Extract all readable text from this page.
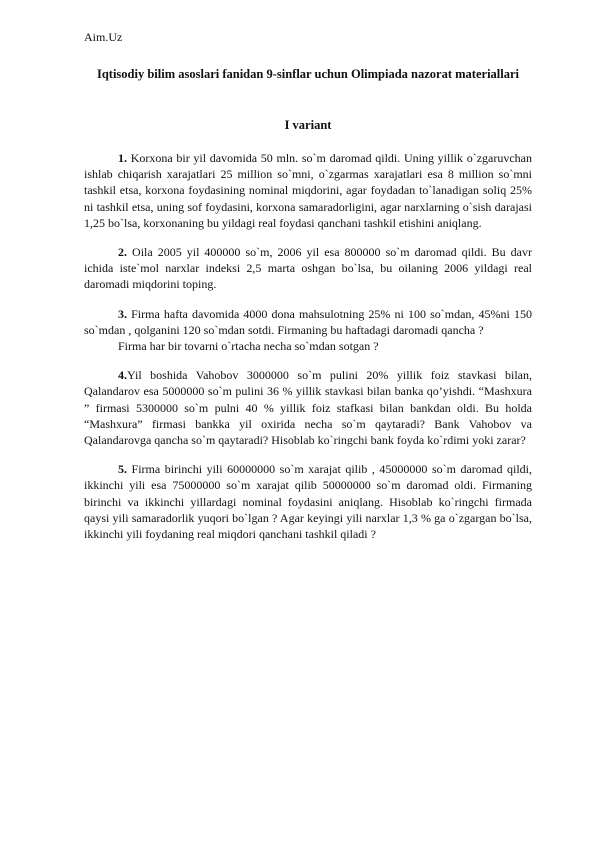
Aim.Uz
Iqtisodiy bilim asoslari fanidan 9-sinflar uchun Olimpiada nazorat materiallari
I variant

1. Korxona bir yil davomida 50 mln. so`m daromad qildi. Uning yillik o`zgaruvchan ishlab chiqarish xarajatlari 25 million so`mni, o`zgarmas xarajatlari esa 8 million so`mni tashkil etsa, korxona foydasining nominal miqdorini, agar foydadan to`lanadigan soliq 25% ni tashkil etsa, uning sof foydasini, korxona samaradorligini, agar narxlarning o`sish darajasi 1,25 bo`lsa, korxonaning bu yildagi real foydasi qanchani tashkil etishini aniqlang.

2. Oila 2005 yil 400000 so`m, 2006 yil esa 800000 so`m daromad qildi. Bu davr ichida iste`mol narxlar indeksi 2,5 marta oshgan bo`lsa, bu oilaning 2006 yildagi real daromadi miqdorini toping.

3. Firma hafta davomida 4000 dona mahsulotning 25% ni 100 so`mdan, 45%ni 150 so`mdan , qolganini 120 so`mdan sotdi. Firmaning bu haftadagi daromadi qancha ?
Firma har bir tovarni o`rtacha necha so`mdan sotgan ?

4.Yil boshida Vahobov 3000000 so`m pulini 20% yillik foiz stavkasi bilan, Qalandarov esa 5000000 so`m pulini 36 % yillik stavkasi bilan banka qo’yishdi. “Mashxura ” firmasi 5300000 so`m pulni 40 % yillik foiz stafkasi bilan bankdan oldi. Bu holda “Mashxura” firmasi bankka yil oxirida necha so`m qaytaradi? Bank Vahobov va Qalandarovga qancha so`m qaytaradi? Hisoblab ko`ringchi bank foyda ko`rdimi yoki zarar?

5. Firma birinchi yili 60000000 so`m xarajat qilib , 45000000 so`m daromad qildi, ikkinchi yili esa 75000000 so`m xarajat qilib 50000000 so`m daromad oldi. Firmaning birinchi va ikkinchi yillardagi nominal foydasini aniqlang. Hisoblab ko`ringchi firmada qaysi yili samaradorlik yuqori bo`lgan ? Agar keyingi yili narxlar 1,3 % ga o`zgargan bo`lsa, ikkinchi yili foydaning real miqdori qanchani tashkil qiladi ?
